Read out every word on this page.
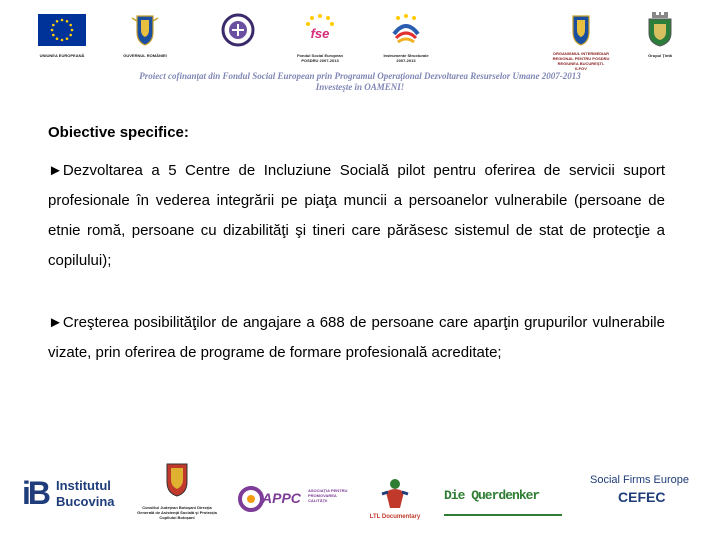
UNIUNEA EUROPEANĂ	GUVERNUL ROMÂNIEI
fse
Fondul Social European POSDRU 2007-2013
Instrumente Structurale 2007-2013
ORGANISMUL INTERMEDIAR REGIONAL PENTRU POSDRU REGIUNEA BUCUREŞTI-ILFOV
Grupul Ţintă
Proiect cofinanţat din Fondul Social European prin Programul Operaţional Dezvoltarea Resurselor Umane 2007-2013
Investeşte în OAMENI!
Obiective specifice:
►Dezvoltarea a 5 Centre de Incluziune Socială pilot pentru oferirea de servicii suport profesionale în vederea integrării pe piaţa muncii a persoanelor vulnerabile (persoane de etnie romă, persoane cu dizabilităţi şi tineri care părăsesc sistemul de stat de protecţie a copilului);
►Creşterea posibilităţilor de angajare a 688 de persoane care aparţin grupurilor vulnerabile vizate, prin oferirea de programe de formare profesională acreditate;
iB Institutul
Bucovina	Consiliul Judeţean Botoşani Direcţia Generală de Asistenţă Socială şi Protecţia Copilului Botoşani
APPC ASOCIAŢIA PENTRU PROMOVAREA CALITĂŢII
LTL Documentary
Die Querdenker
Social Firms Europe
CEFEC
